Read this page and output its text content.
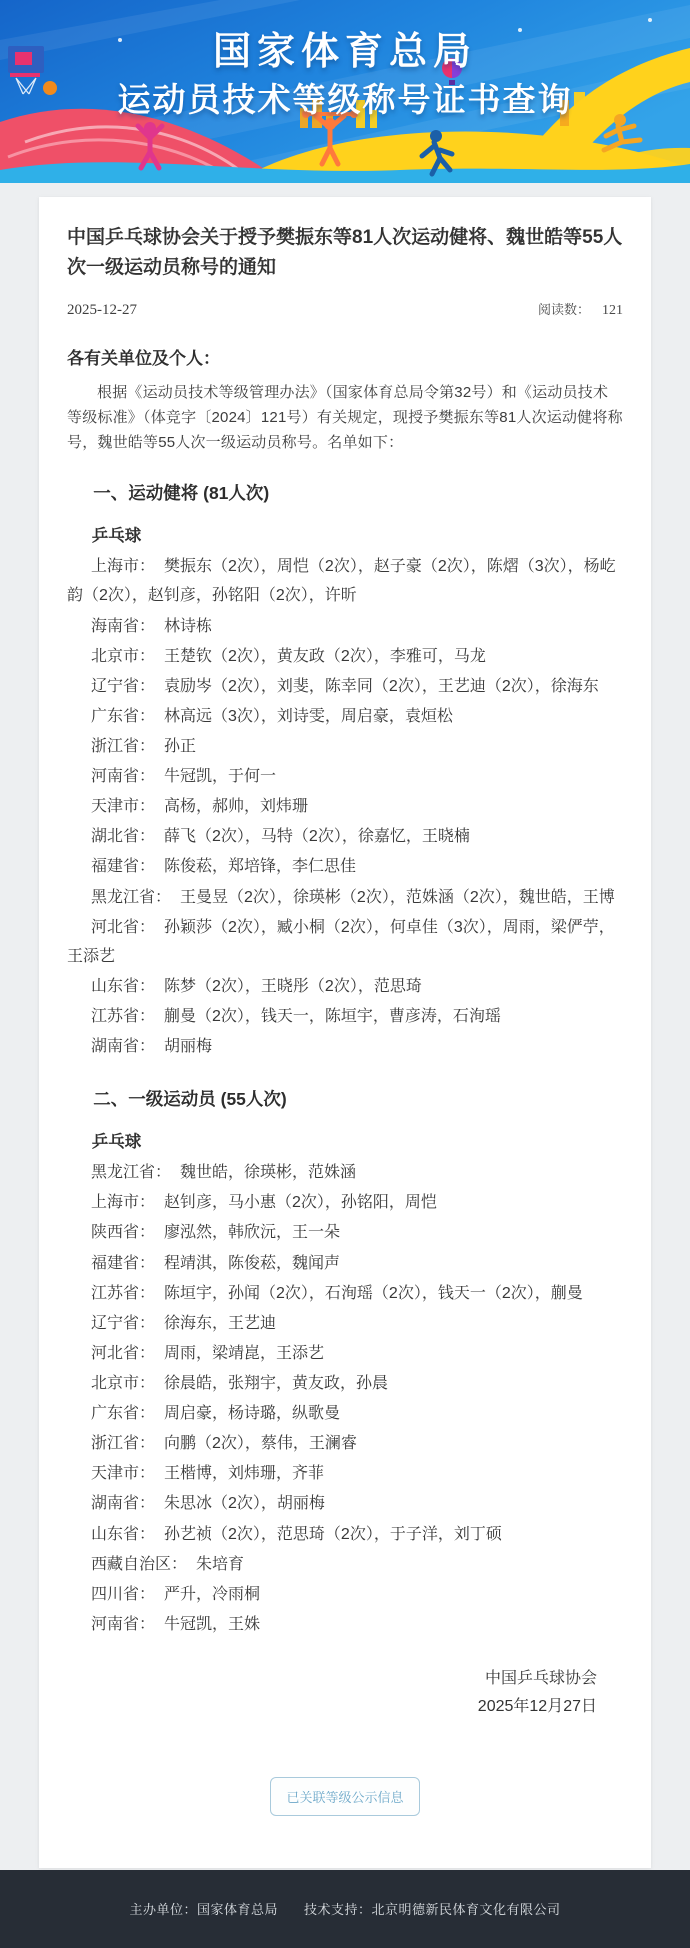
国家体育总局
运动员技术等级称号证书查询
中国乒乓球协会关于授予樊振东等81人次运动健将、魏世皓等55人次一级运动员称号的通知
2025-12-27	阅读数： 121

各有关单位及个人：

根据《运动员技术等级管理办法》（国家体育总局令第32号）和《运动员技术等级标准》（体竞字〔2024〕121号）有关规定，现授予樊振东等81人次运动健将称号，魏世皓等55人次一级运动员称号。名单如下：

一、运动健将 (81人次)
乒乓球

上海市： 樊振东（2次），周恺（2次），赵子豪（2次），陈熠（3次），杨屹韵（2次），赵钊彦，孙铭阳（2次），许昕

海南省： 林诗栋

北京市： 王楚钦（2次），黄友政（2次），李雅可，马龙

辽宁省： 袁励岑（2次），刘斐，陈幸同（2次），王艺迪（2次），徐海东

广东省： 林高远（3次），刘诗雯，周启豪，袁烜松

浙江省： 孙正

河南省： 牛冠凯，于何一

天津市： 高杨，郝帅，刘炜珊

湖北省： 薛飞（2次），马特（2次），徐嘉忆，王晓楠

福建省： 陈俊菘，郑培锋，李仁思佳

黑龙江省： 王曼昱（2次），徐瑛彬（2次），范姝涵（2次），魏世皓，王博

河北省： 孙颖莎（2次），臧小桐（2次），何卓佳（3次），周雨，梁俨苧，王添艺

山东省： 陈梦（2次），王晓彤（2次），范思琦

江苏省： 蒯曼（2次），钱天一，陈垣宇，曹彦涛，石洵瑶

湖南省： 胡丽梅

二、一级运动员 (55人次)
乒乓球

黑龙江省： 魏世皓，徐瑛彬，范姝涵

上海市： 赵钊彦，马小惠（2次），孙铭阳，周恺

陕西省： 廖泓然，韩欣沅，王一朵

福建省： 程靖淇，陈俊菘，魏闻声

江苏省： 陈垣宇，孙闻（2次），石洵瑶（2次），钱天一（2次），蒯曼

辽宁省： 徐海东，王艺迪

河北省： 周雨，梁靖崑，王添艺

北京市： 徐晨皓，张翔宇，黄友政，孙晨

广东省： 周启豪，杨诗璐，纵歌曼

浙江省： 向鹏（2次），蔡伟，王澜睿

天津市： 王楷博，刘炜珊，齐菲

湖南省： 朱思冰（2次），胡丽梅

山东省： 孙艺祯（2次），范思琦（2次），于子洋，刘丁硕

西藏自治区： 朱培育

四川省： 严升，冷雨桐

河南省： 牛冠凯，王姝

中国乒乓球协会
2025年12月27日
已关联等级公示信息
主办单位：国家体育总局 技术支持：北京明德新民体育文化有限公司
